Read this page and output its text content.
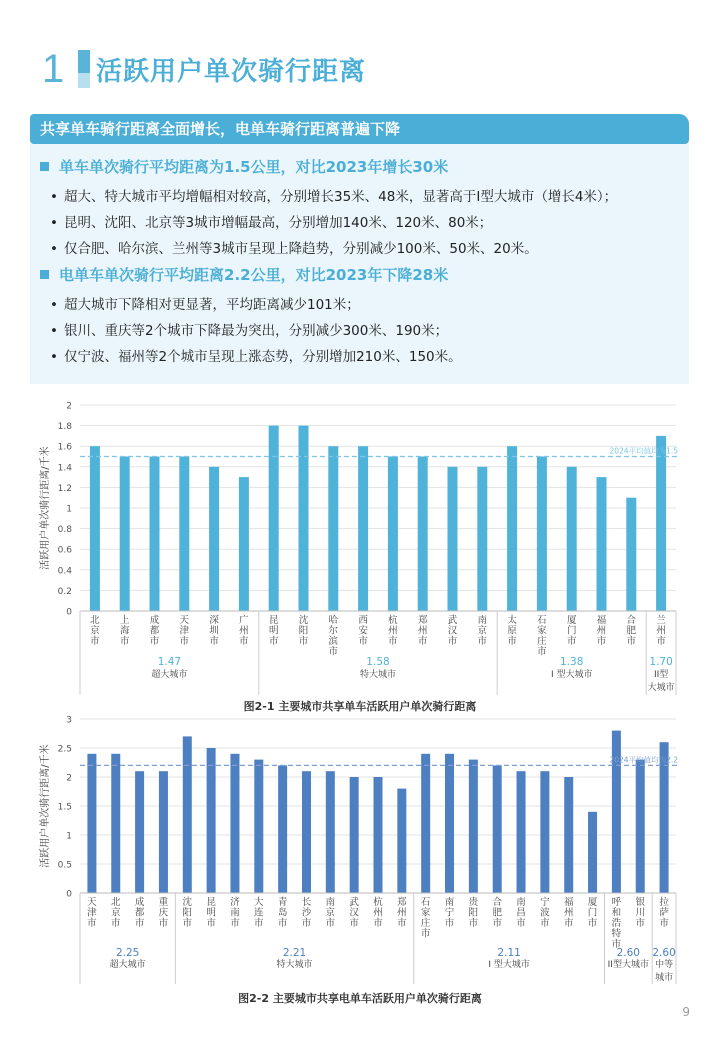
1 活跃用户单次骑行距离
共享单车骑行距离全面增长，电单车骑行距离普遍下降
单车单次骑行平均距离为1.5公里，对比2023年增长30米
• 超大、特大城市平均增幅相对较高，分别增长35米、48米，显著高于I型大城市（增长4米）；
• 昆明、沈阳、北京等3城市增幅最高，分别增加140米、120米、80米；
• 仅合肥、哈尔滨、兰州等3城市呈现上降趋势，分别减少100米、50米、20米。
电单车单次骑行平均距离2.2公里，对比2023年下降28米
• 超大城市下降相对更显著，平均距离减少101米；
• 银川、重庆等2个城市下降最为突出，分别减少300米、190米；
• 仅宁波、福州等2个城市呈现上涨态势，分别增加210米、150米。
0
0.2
0.4
0.6
0.8
1
1.2
1.4
1.6
1.8
2
活跃用户单次骑行距离/千米	2024平均值均为1.5
北
京
市
上
海
市
成
都
市
天
津
市
深
圳
市
广
州
市
昆
明
市
沈
阳
市
哈
尔
滨
市
西
安
市
杭
州
市
郑
州
市
武
汉
市
南
京
市
太
原
市
石
家
庄
市
厦
门
市
福
州
市
合
肥
市
兰
州
市
1.47
超大城市
1.58
特大城市
1.38
I 型大城市
1.70
II型
大城市
图2-1 主要城市共享单车活跃用户单次骑行距离
0
0.5
1
1.5
2
2.5
3
活跃用户单次骑行距离/千米	2024平均值均为2.2
天
津
市
北
京
市
成
都
市
重
庆
市
沈
阳
市
昆
明
市
济
南
市
大
连
市
青
岛
市
长
沙
市
南
京
市
武
汉
市
杭
州
市
郑
州
市
石
家
庄
市
南
宁
市
贵
阳
市
合
肥
市
南
昌
市
宁
波
市
福
州
市
厦
门
市
呼
和
浩
特
市
银
川
市
拉
萨
市
2.25
超大城市
2.21
特大城市
2.11
I 型大城市
2.60
II型大城市
2.60
中等
城市
图2-2 主要城市共享电单车活跃用户单次骑行距离
9
